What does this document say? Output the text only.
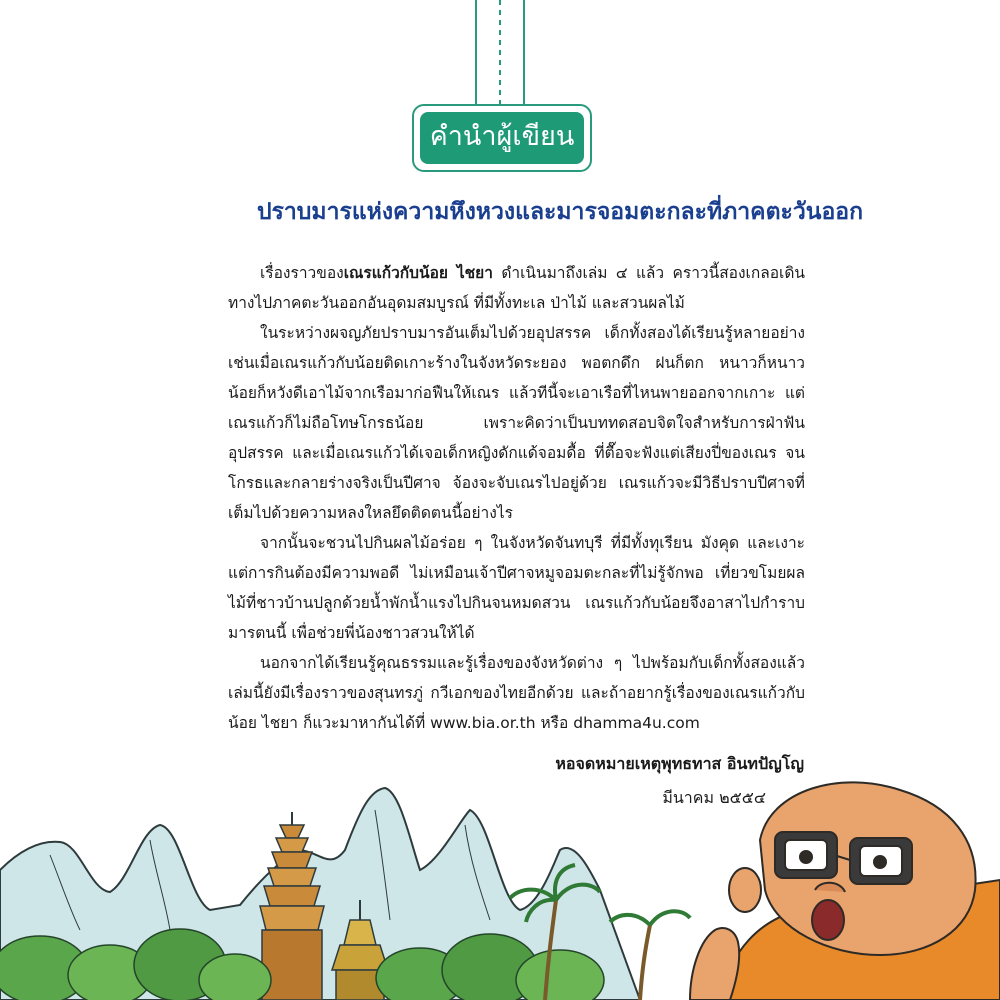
คำนำผู้เขียน
ปราบมารแห่งความหึงหวงและมารจอมตะกละที่ภาคตะวันออก

เรื่องราวของเณรแก้วกับน้อย ไชยา ดำเนินมาถึงเล่ม ๔ แล้ว คราวนี้สองเกลอเดินทางไปภาคตะวันออกอันอุดมสมบูรณ์ ที่มีทั้งทะเล ป่าไม้ และสวนผลไม้

ในระหว่างผจญภัยปราบมารอันเต็มไปด้วยอุปสรรค เด็กทั้งสองได้เรียนรู้หลายอย่าง เช่นเมื่อเณรแก้วกับน้อยติดเกาะร้างในจังหวัดระยอง พอตกดึก ฝนก็ตก หนาวก็หนาว น้อยก็หวังดีเอาไม้จากเรือมาก่อฟืนให้เณร แล้วทีนี้จะเอาเรือที่ไหนพายออกจากเกาะ แต่เณรแก้วก็ไม่ถือโทษโกรธน้อย เพราะคิดว่าเป็นบททดสอบจิตใจสำหรับการฝ่าฟันอุปสรรค และเมื่อเณรแก้วได้เจอเด็กหญิงดักแด้จอมดื้อ ที่ตื๊อจะฟังแต่เสียงปี่ของเณร จนโกรธและกลายร่างจริงเป็นปีศาจ จ้องจะจับเณรไปอยู่ด้วย เณรแก้วจะมีวิธีปราบปีศาจที่เต็มไปด้วยความหลงใหลยึดติดตนนี้อย่างไร

จากนั้นจะชวนไปกินผลไม้อร่อย ๆ ในจังหวัดจันทบุรี ที่มีทั้งทุเรียน มังคุด และเงาะ แต่การกินต้องมีความพอดี ไม่เหมือนเจ้าปีศาจหมูจอมตะกละที่ไม่รู้จักพอ เที่ยวขโมยผลไม้ที่ชาวบ้านปลูกด้วยน้ำพักน้ำแรงไปกินจนหมดสวน เณรแก้วกับน้อยจึงอาสาไปกำราบมารตนนี้ เพื่อช่วยพี่น้องชาวสวนให้ได้

นอกจากได้เรียนรู้คุณธรรมและรู้เรื่องของจังหวัดต่าง ๆ ไปพร้อมกับเด็กทั้งสองแล้ว เล่มนี้ยังมีเรื่องราวของสุนทรภู่ กวีเอกของไทยอีกด้วย และถ้าอยากรู้เรื่องของเณรแก้วกับน้อย ไชยา ก็แวะมาหากันได้ที่ www.bia.or.th หรือ dhamma4u.com

หอจดหมายเหตุพุทธทาส อินทปัญโญ
มีนาคม ๒๕๕๔
